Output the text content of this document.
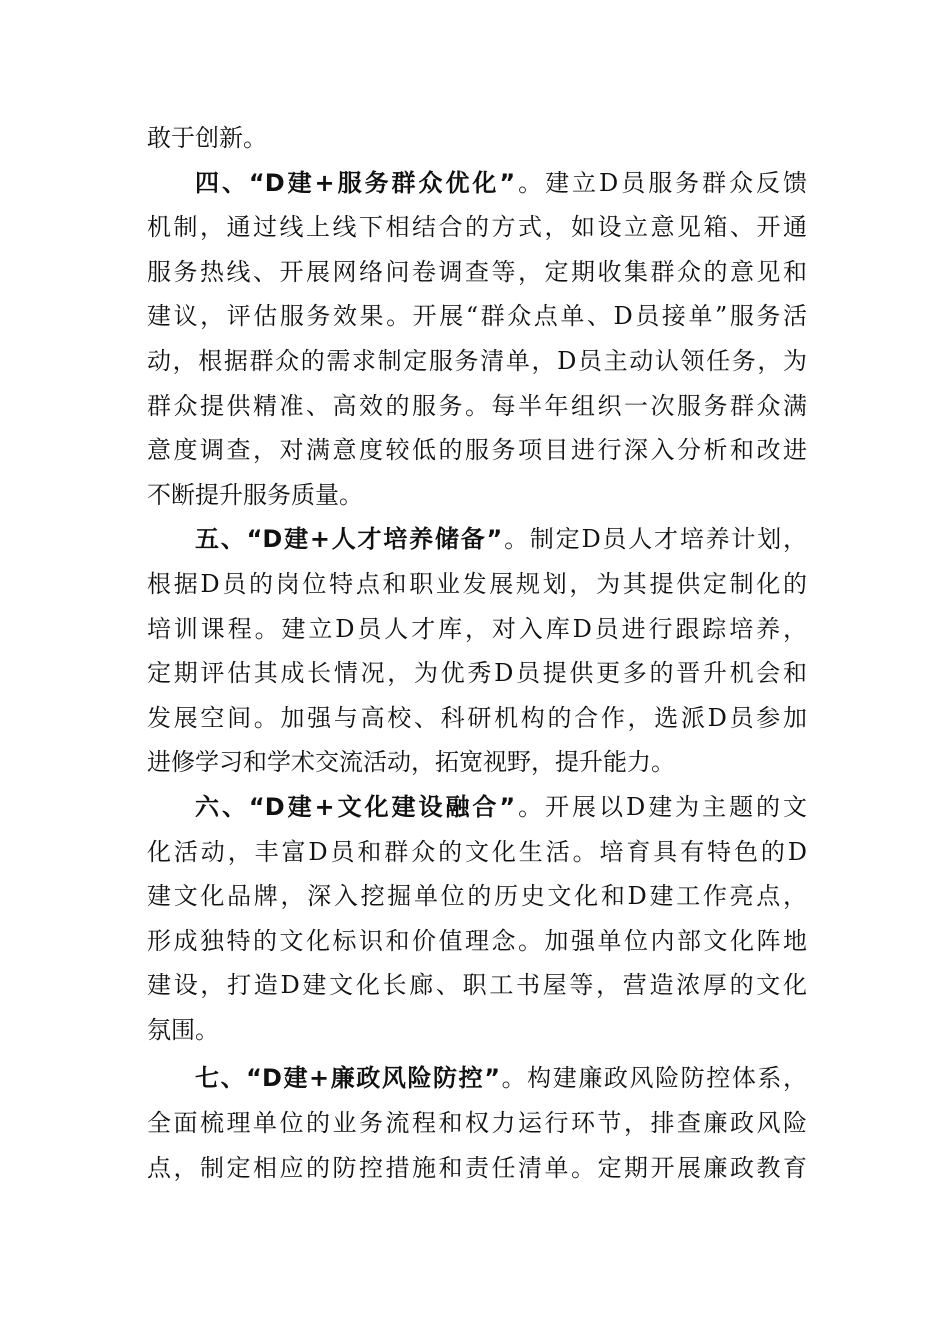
敢于创新。
四、“D建+服务群众优化”。建立D员服务群众反馈
机制，通过线上线下相结合的方式，如设立意见箱、开通
服务热线、开展网络问卷调查等，定期收集群众的意见和
建议，评估服务效果。开展“群众点单、D员接单”服务活
动，根据群众的需求制定服务清单，D员主动认领任务，为
群众提供精准、高效的服务。每半年组织一次服务群众满
意度调查，对满意度较低的服务项目进行深入分析和改进
不断提升服务质量。
五、“D建+人才培养储备”。制定D员人才培养计划，
根据D员的岗位特点和职业发展规划，为其提供定制化的
培训课程。建立D员人才库，对入库D员进行跟踪培养，
定期评估其成长情况，为优秀D员提供更多的晋升机会和
发展空间。加强与高校、科研机构的合作，选派D员参加
进修学习和学术交流活动，拓宽视野，提升能力。
六、“D建+文化建设融合”。开展以D建为主题的文
化活动，丰富D员和群众的文化生活。培育具有特色的D
建文化品牌，深入挖掘单位的历史文化和D建工作亮点，
形成独特的文化标识和价值理念。加强单位内部文化阵地
建设，打造D建文化长廊、职工书屋等，营造浓厚的文化
氛围。
七、“D建+廉政风险防控”。构建廉政风险防控体系，
全面梳理单位的业务流程和权力运行环节，排查廉政风险
点，制定相应的防控措施和责任清单。定期开展廉政教育
